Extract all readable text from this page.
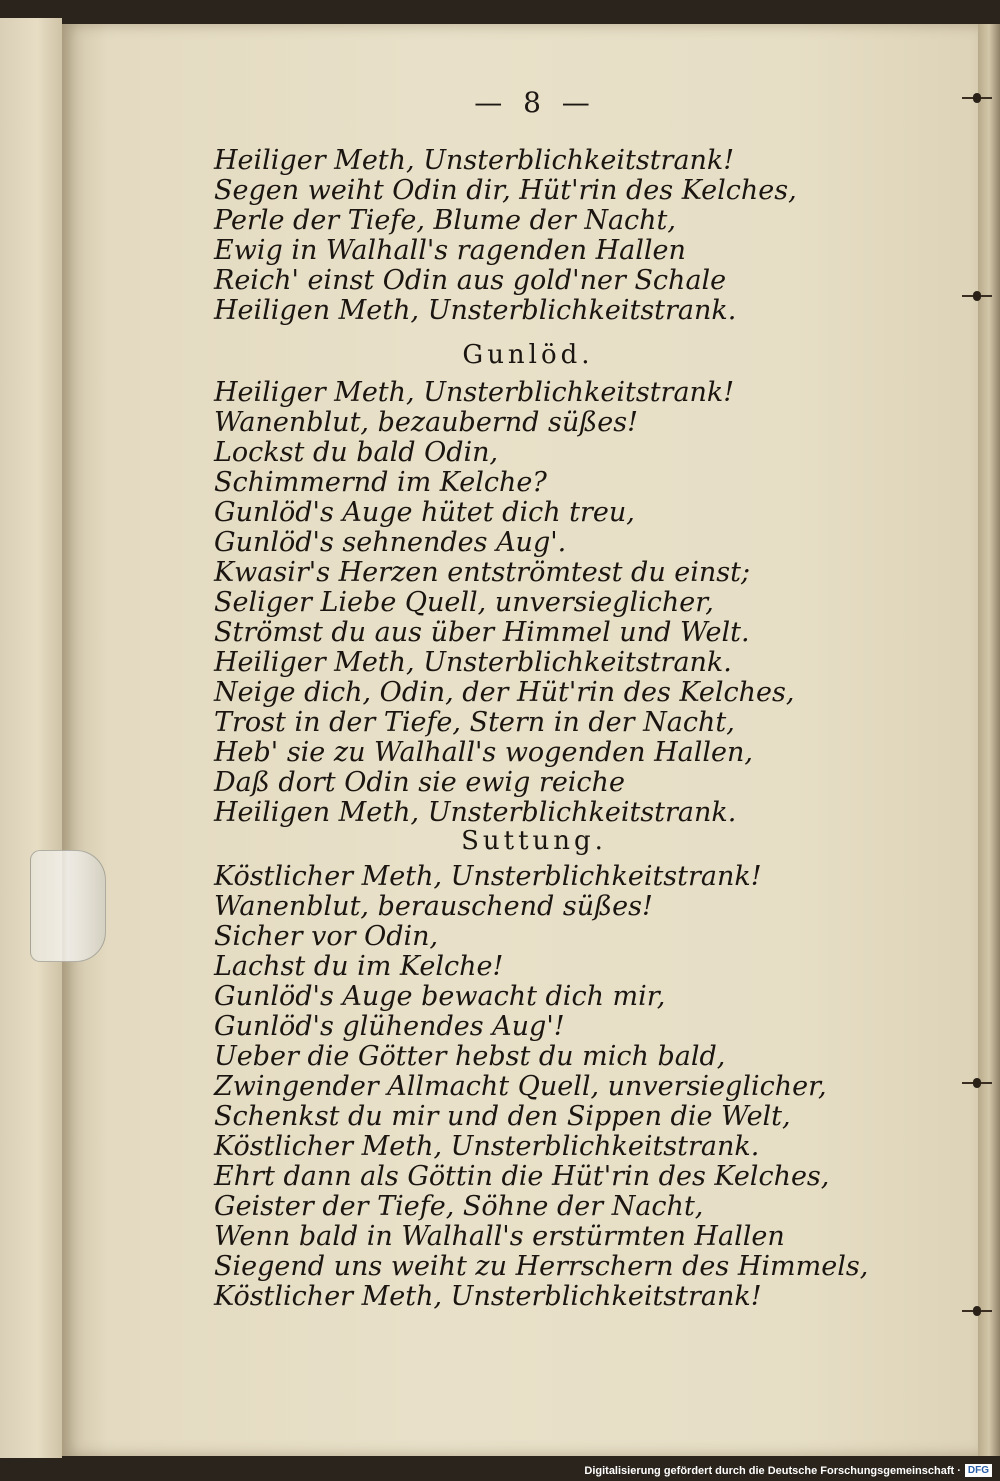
— 8 —
Heiliger Meth, Unsterblichkeitstrank!
Segen weiht Odin dir, Hüt'rin des Kelches,
Perle der Tiefe, Blume der Nacht,
Ewig in Walhall's ragenden Hallen
Reich' einst Odin aus gold'ner Schale
Heiligen Meth, Unsterblichkeitstrank.
Gunlöd.
Heiliger Meth, Unsterblichkeitstrank!
Wanenblut, bezaubernd süßes!
Lockst du bald Odin,
Schimmernd im Kelche?
Gunlöd's Auge hütet dich treu,
Gunlöd's sehnendes Aug'.
Kwasir's Herzen entströmtest du einst;
Seliger Liebe Quell, unversieglicher,
Strömst du aus über Himmel und Welt.
Heiliger Meth, Unsterblichkeitstrank.
Neige dich, Odin, der Hüt'rin des Kelches,
Trost in der Tiefe, Stern in der Nacht,
Heb' sie zu Walhall's wogenden Hallen,
Daß dort Odin sie ewig reiche
Heiligen Meth, Unsterblichkeitstrank.
Suttung.
Köstlicher Meth, Unsterblichkeitstrank!
Wanenblut, berauschend süßes!
Sicher vor Odin,
Lachst du im Kelche!
Gunlöd's Auge bewacht dich mir,
Gunlöd's glühendes Aug'!
Ueber die Götter hebst du mich bald,
Zwingender Allmacht Quell, unversieglicher,
Schenkst du mir und den Sippen die Welt,
Köstlicher Meth, Unsterblichkeitstrank.
Ehrt dann als Göttin die Hüt'rin des Kelches,
Geister der Tiefe, Söhne der Nacht,
Wenn bald in Walhall's erstürmten Hallen
Siegend uns weiht zu Herrschern des Himmels,
Köstlicher Meth, Unsterblichkeitstrank!
Digitalisierung gefördert durch die Deutsche Forschungsgemeinschaft · DFG
